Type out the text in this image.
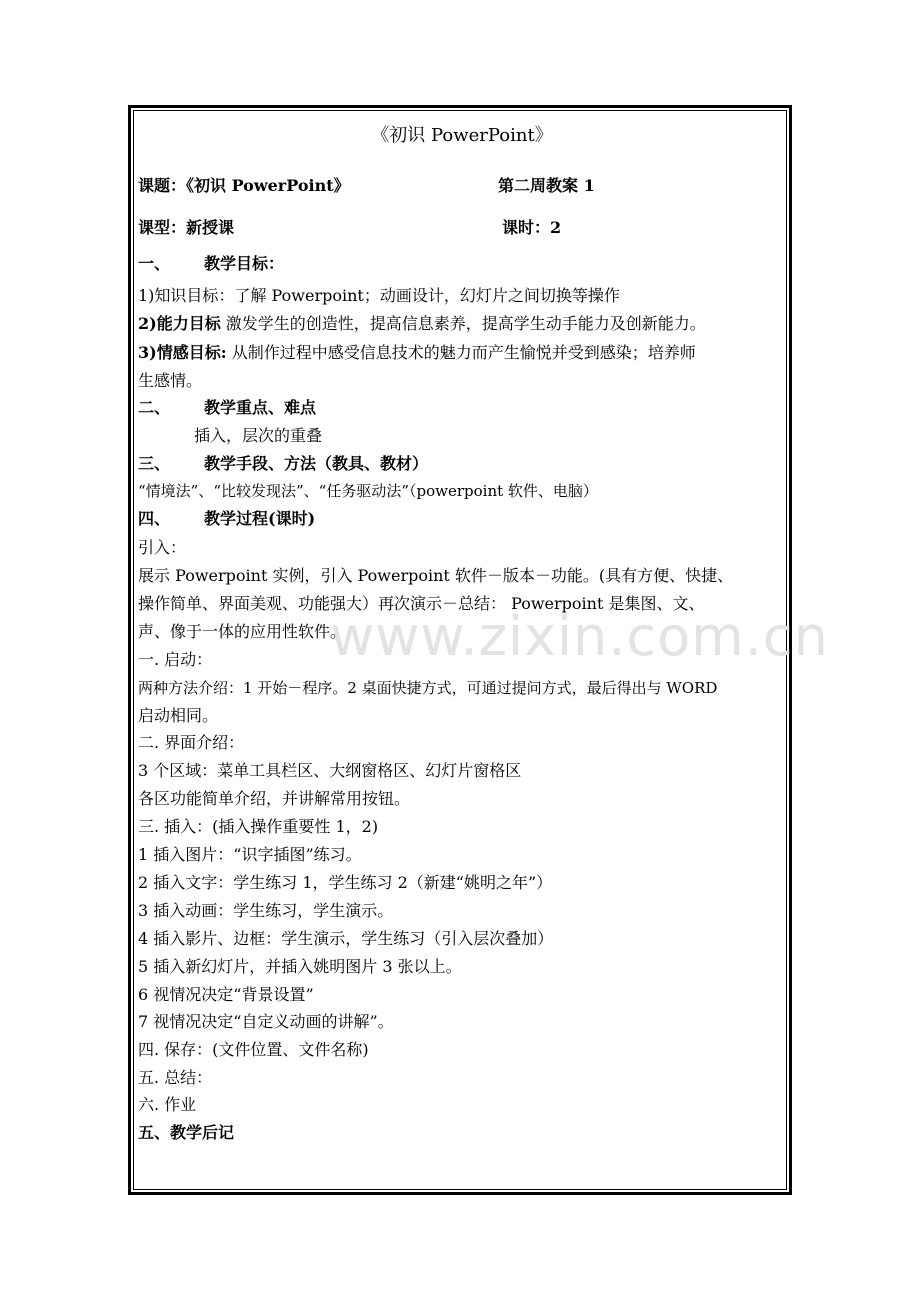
www.zixin.com.cn
《初识 PowerPoint》
课题：《初识 PowerPoint》	第二周教案 1
课型：新授课	课时：2
一、 教学目标：
1)知识目标：了解 Powerpoint；动画设计，幻灯片之间切换等操作
2)能力目标 激发学生的创造性，提高信息素养，提高学生动手能力及创新能力。
3)情感目标: 从制作过程中感受信息技术的魅力而产生愉悦并受到感染；培养师
生感情。
二、 教学重点、难点
插入，层次的重叠
三、 教学手段、方法（教具、教材）
“情境法”、“比较发现法”、“任务驱动法”（powerpoint 软件、电脑）
四、 教学过程(课时)
引入：
展示 Powerpoint 实例，引入 Powerpoint 软件－版本－功能。(具有方便、快捷、
操作简单、界面美观、功能强大）再次演示－总结： Powerpoint 是集图、文、
声、像于一体的应用性软件。
一. 启动：
两种方法介绍：1 开始－程序。2 桌面快捷方式，可通过提问方式，最后得出与 WORD
启动相同。
二. 界面介绍：
3 个区域：菜单工具栏区、大纲窗格区、幻灯片窗格区
各区功能简单介绍，并讲解常用按钮。
三. 插入：(插入操作重要性 1，2)
1 插入图片：“识字插图”练习。
2 插入文字：学生练习 1，学生练习 2（新建“姚明之年”）
3 插入动画：学生练习，学生演示。
4 插入影片、边框：学生演示，学生练习（引入层次叠加）
5 插入新幻灯片，并插入姚明图片 3 张以上。
6 视情况决定“背景设置”
7 视情况决定“自定义动画的讲解”。
四. 保存：(文件位置、文件名称)
五. 总结：
六. 作业
五、教学后记
